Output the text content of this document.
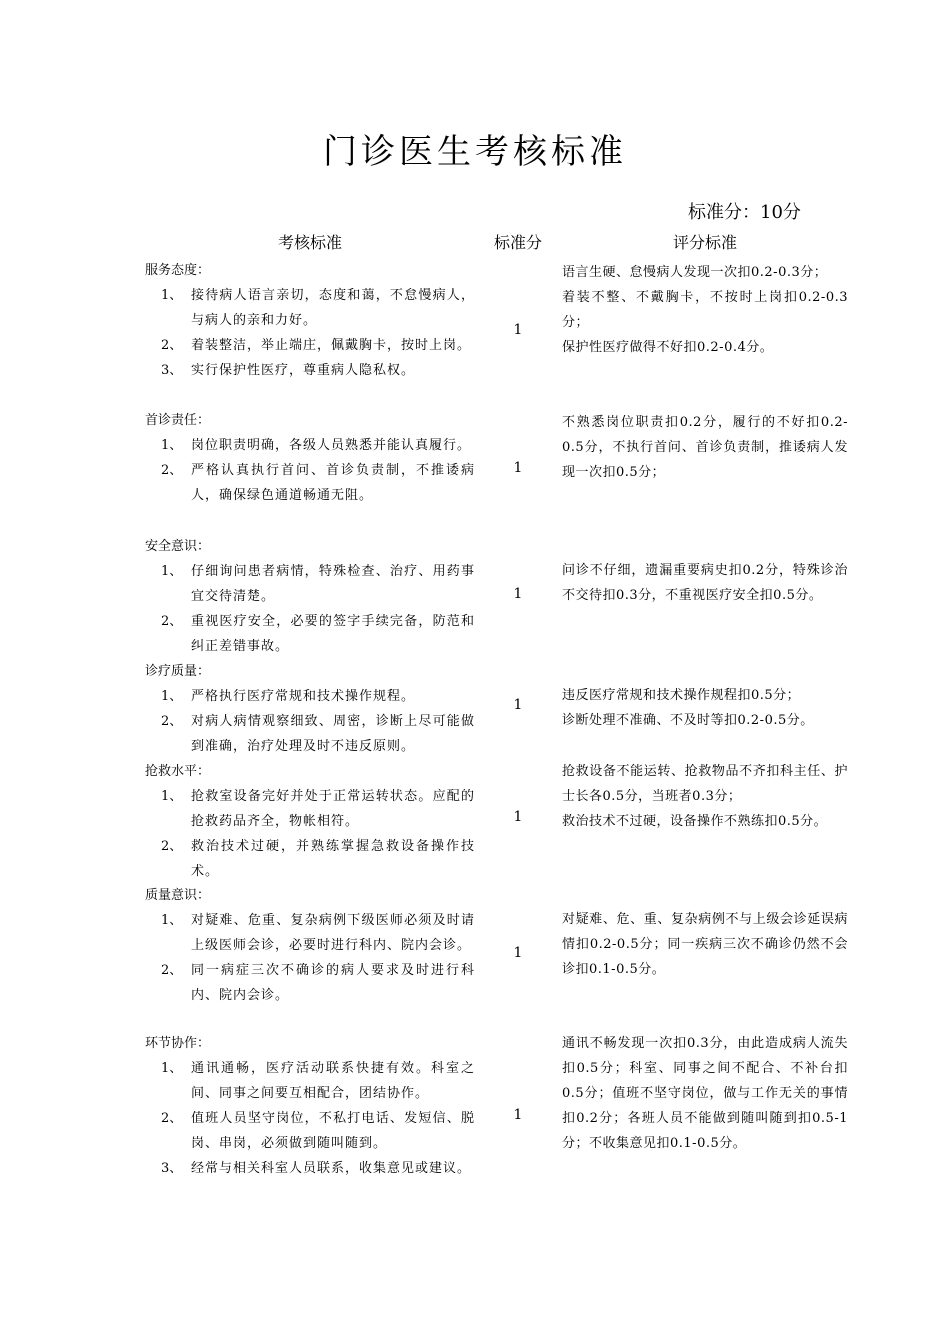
门诊医生考核标准
标准分：10分
考核标准	标准分	评分标准
服务态度：
1、 接待病人语言亲切，态度和蔼，不怠慢病人，与病人的亲和力好。
2、 着装整洁，举止端庄，佩戴胸卡，按时上岗。
3、 实行保护性医疗，尊重病人隐私权。
1
语言生硬、怠慢病人发现一次扣0.2-0.3分；
着装不整、不戴胸卡，不按时上岗扣0.2-0.3分；
保护性医疗做得不好扣0.2-0.4分。
首诊责任：
1、 岗位职责明确，各级人员熟悉并能认真履行。
2、 严格认真执行首问、首诊负责制，不推诿病人，确保绿色通道畅通无阻。
1
不熟悉岗位职责扣0.2分，履行的不好扣0.2-0.5分，不执行首问、首诊负责制，推诿病人发现一次扣0.5分；
安全意识：
1、 仔细询问患者病情，特殊检查、治疗、用药事宜交待清楚。
2、 重视医疗安全，必要的签字手续完备，防范和纠正差错事故。
1
问诊不仔细，遗漏重要病史扣0.2分，特殊诊治不交待扣0.3分，不重视医疗安全扣0.5分。
诊疗质量：
1、 严格执行医疗常规和技术操作规程。
2、 对病人病情观察细致、周密，诊断上尽可能做到准确，治疗处理及时不违反原则。
1
违反医疗常规和技术操作规程扣0.5分；
诊断处理不准确、不及时等扣0.2-0.5分。
抢救水平：
1、 抢救室设备完好并处于正常运转状态。应配的抢救药品齐全，物帐相符。
2、 救治技术过硬，并熟练掌握急救设备操作技术。
1
抢救设备不能运转、抢救物品不齐扣科主任、护士长各0.5分，当班者0.3分；
救治技术不过硬，设备操作不熟练扣0.5分。
质量意识：
1、 对疑难、危重、复杂病例下级医师必须及时请上级医师会诊，必要时进行科内、院内会诊。
2、 同一病症三次不确诊的病人要求及时进行科内、院内会诊。
1
对疑难、危、重、复杂病例不与上级会诊延误病情扣0.2-0.5分；同一疾病三次不确诊仍然不会诊扣0.1-0.5分。
环节协作：
1、 通讯通畅，医疗活动联系快捷有效。科室之间、同事之间要互相配合，团结协作。
2、 值班人员坚守岗位，不私打电话、发短信、脱岗、串岗，必须做到随叫随到。
3、 经常与相关科室人员联系，收集意见或建议。
1
通讯不畅发现一次扣0.3分，由此造成病人流失扣0.5分；科室、同事之间不配合、不补台扣0.5分；值班不坚守岗位，做与工作无关的事情扣0.2分；各班人员不能做到随叫随到扣0.5-1分；不收集意见扣0.1-0.5分。
